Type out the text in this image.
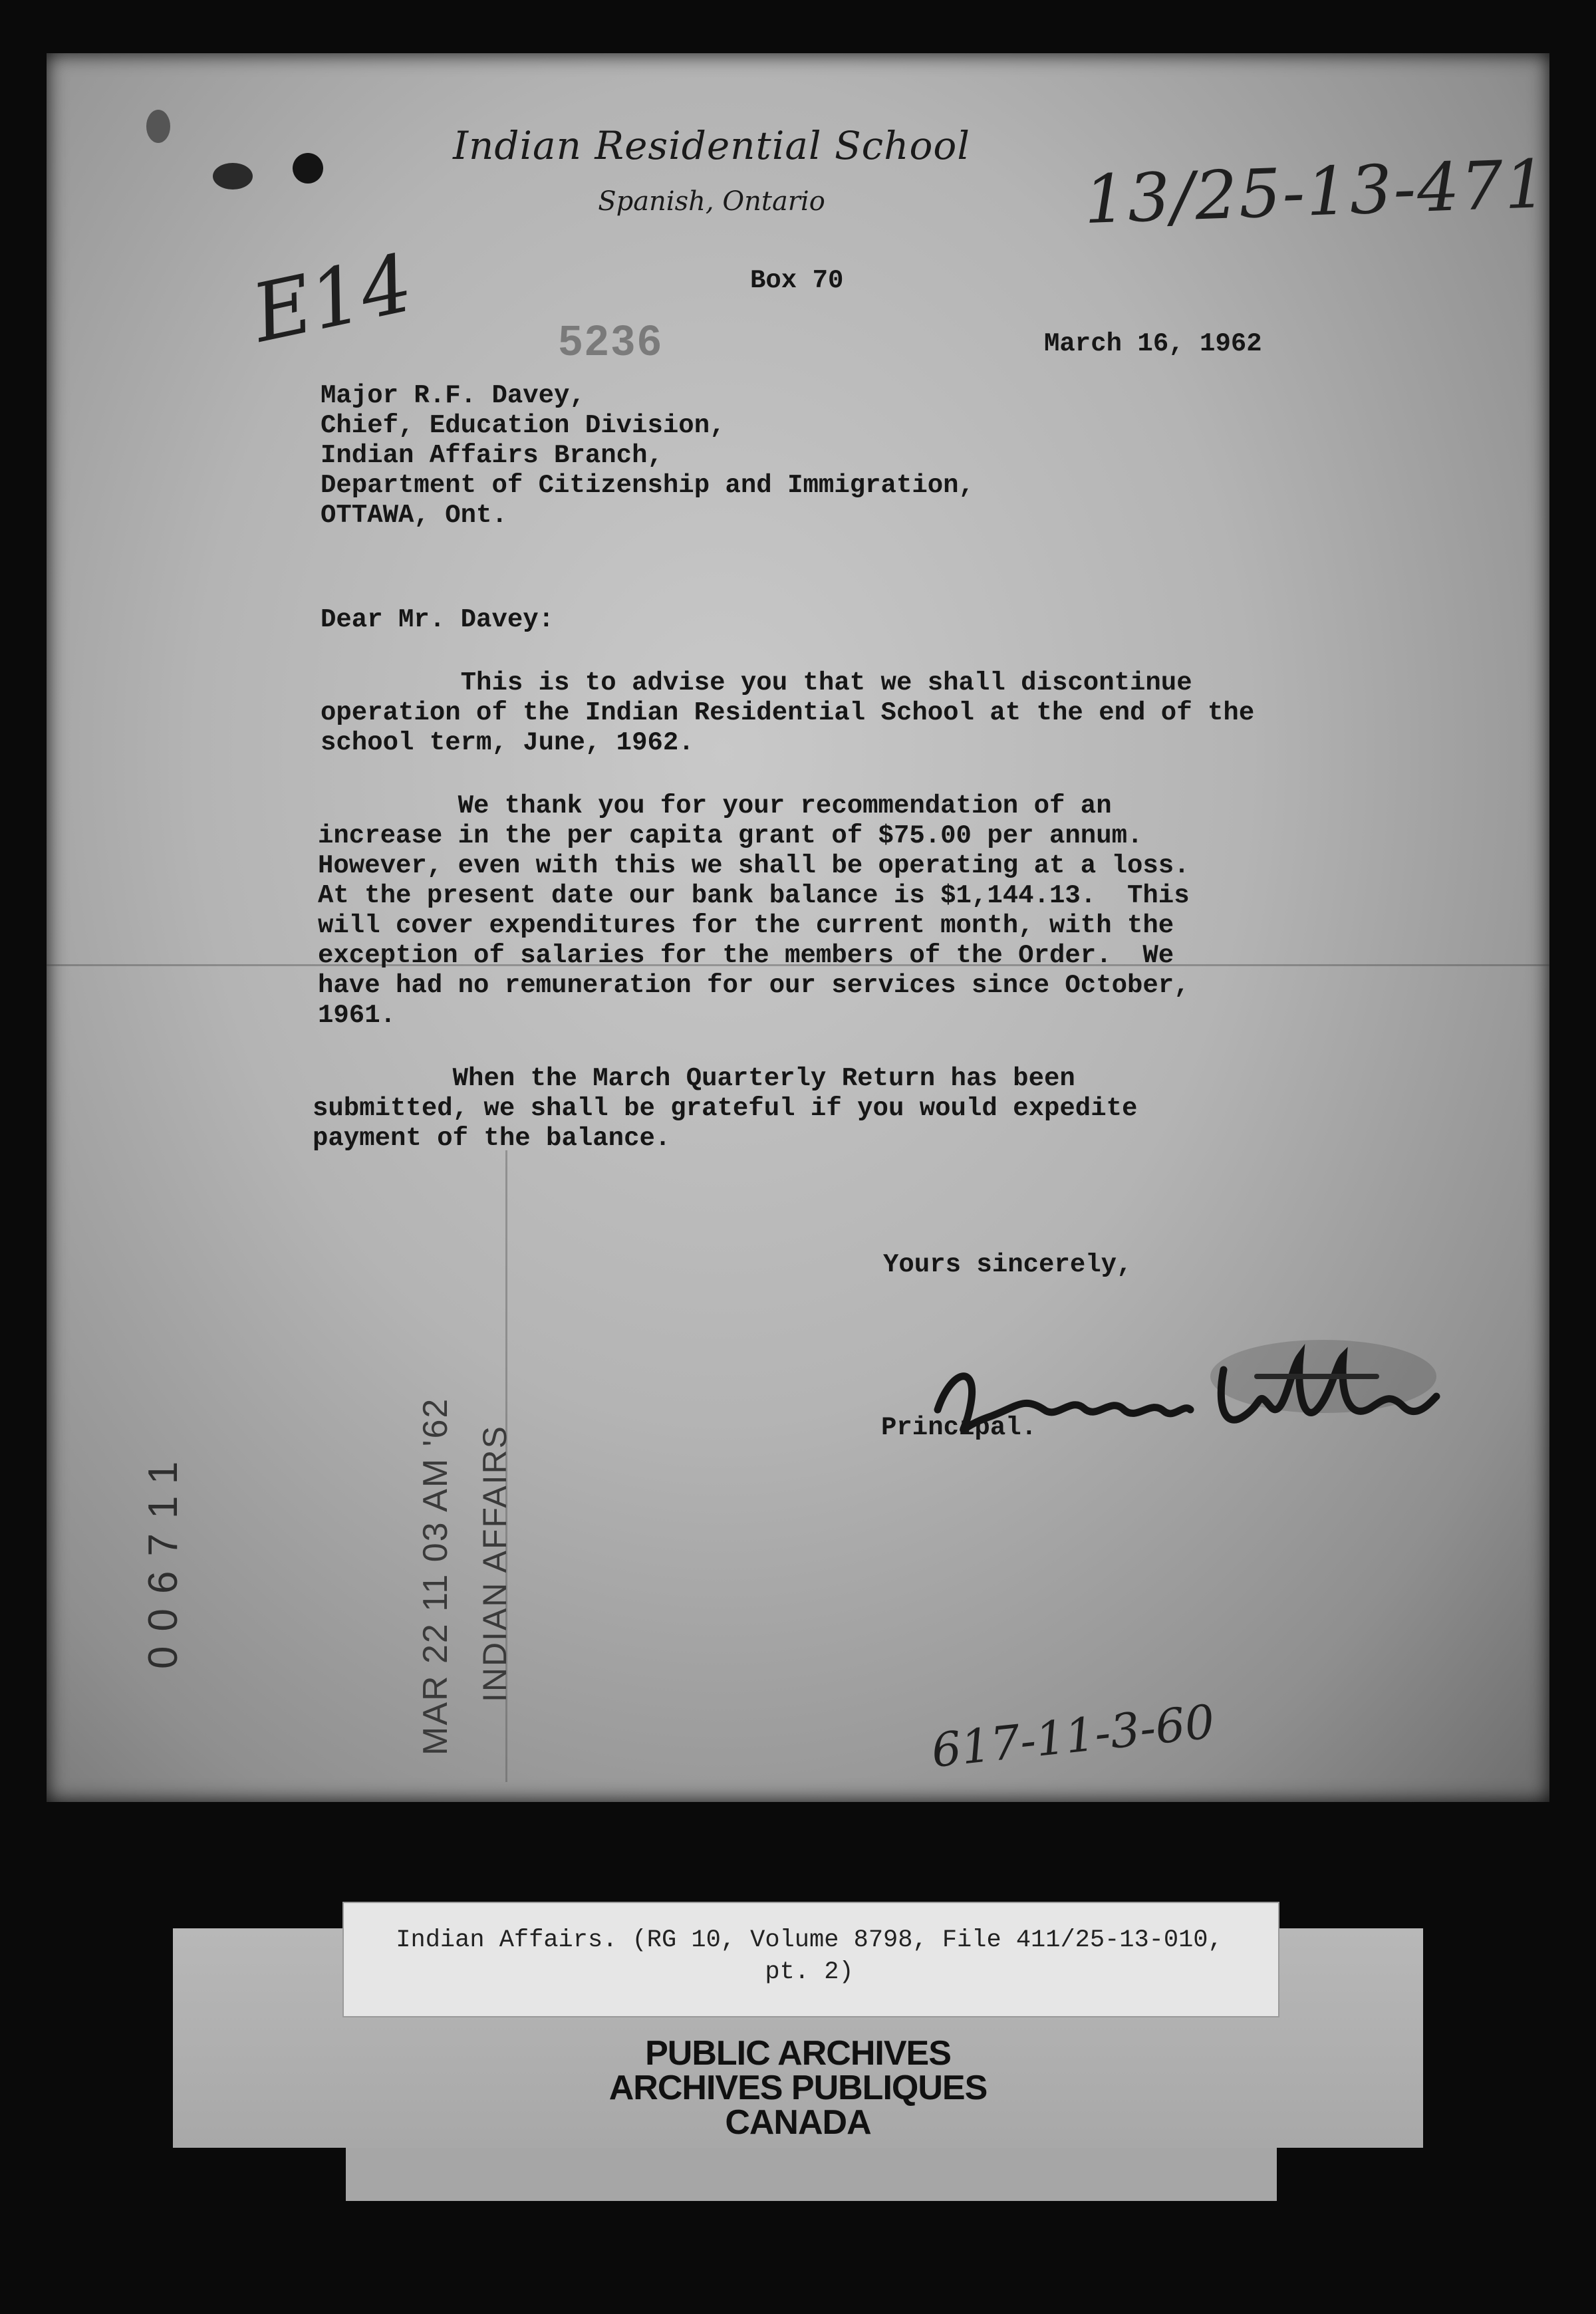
Indian Residential School
Spanish, Ontario	13/25-13-471
E14	5236
Box 70
March 16, 1962
Major R.F. Davey,
Chief, Education Division,
Indian Affairs Branch,
Department of Citizenship and Immigration,
OTTAWA, Ont.
Dear Mr. Davey:
This is to advise you that we shall discontinue
operation of the Indian Residential School at the end of the
school term, June, 1962.
We thank you for your recommendation of an
increase in the per capita grant of $75.00 per annum.
However, even with this we shall be operating at a loss.
At the present date our bank balance is $1,144.13.  This
will cover expenditures for the current month, with the
exception of salaries for the members of the Order.  We
have had no remuneration for our services since October,
1961.
When the March Quarterly Return has been
submitted, we shall be grateful if you would expedite
payment of the balance.
Yours sincerely,
Principal.
006711	MAR 22 11 03 AM '62 INDIAN AFFAIRS
617-11-3-60
Indian Affairs. (RG 10, Volume 8798, File 411/25-13-010,
pt. 2)
PUBLIC ARCHIVES
ARCHIVES PUBLIQUES
CANADA
